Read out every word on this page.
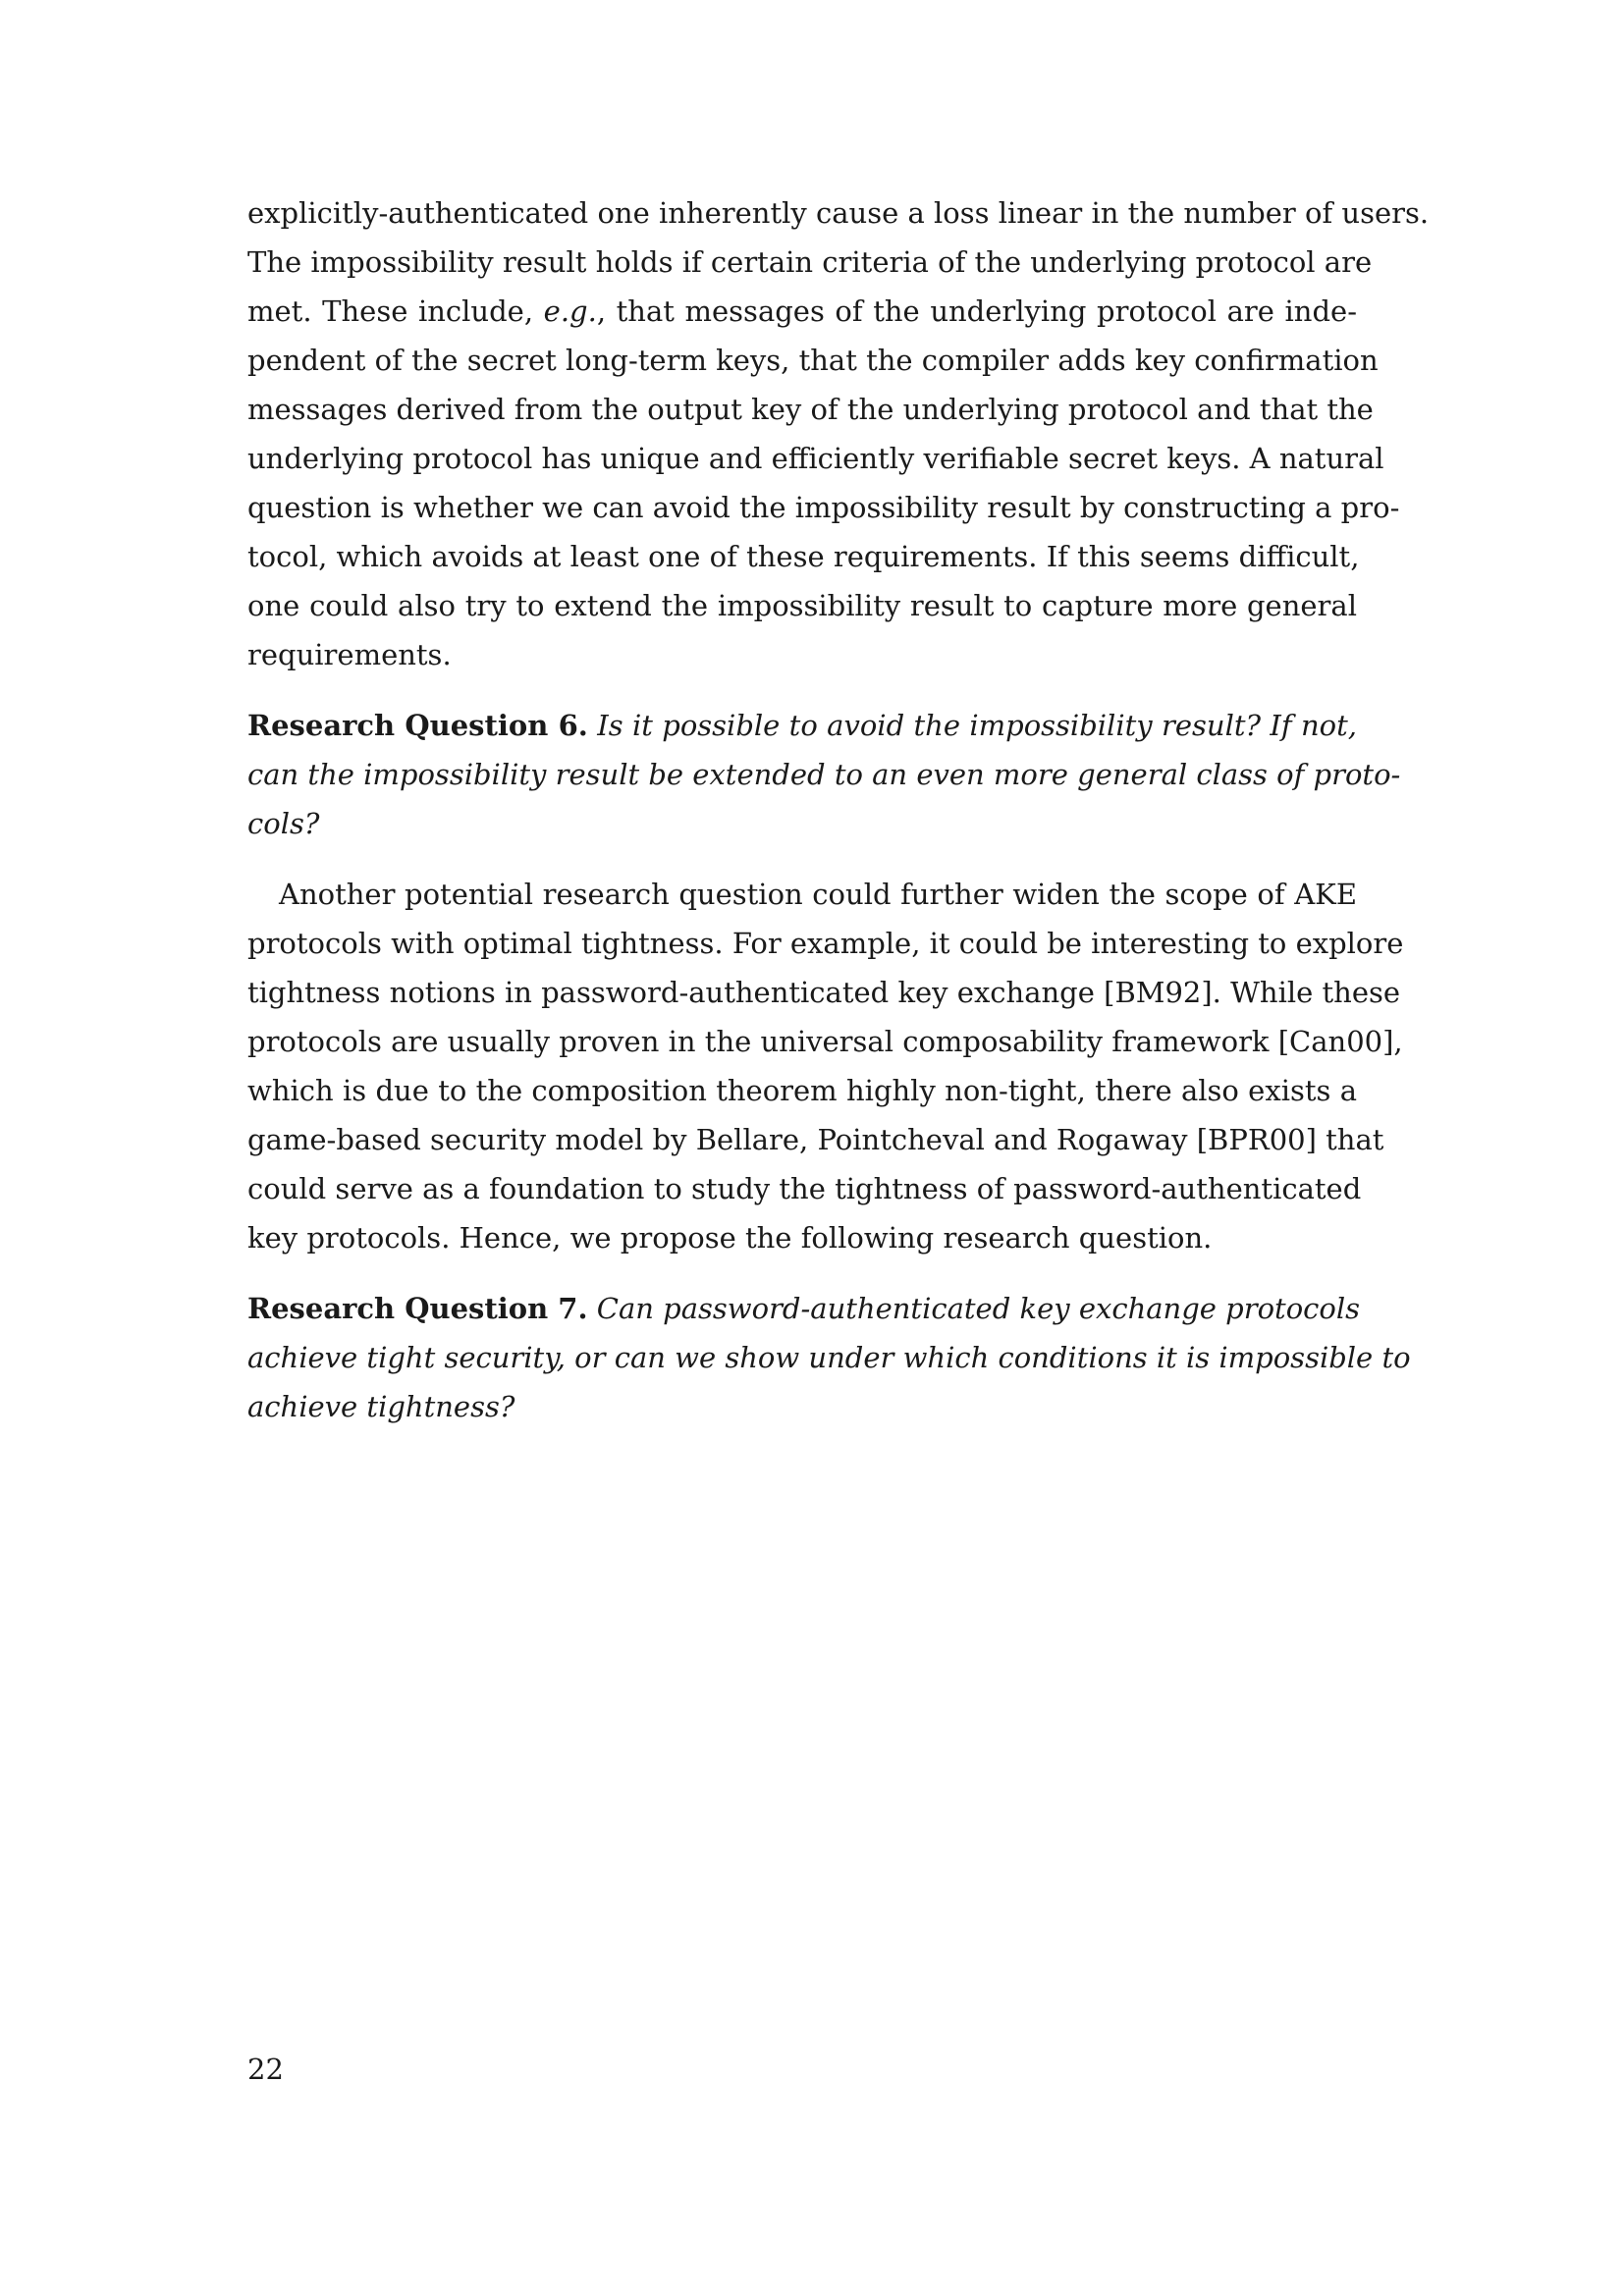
explicitly-authenticated one inherently cause a loss linear in the number of users.
The impossibility result holds if certain criteria of the underlying protocol are
met. These include, e.g., that messages of the underlying protocol are inde-
pendent of the secret long-term keys, that the compiler adds key confirmation
messages derived from the output key of the underlying protocol and that the
underlying protocol has unique and efficiently verifiable secret keys. A natural
question is whether we can avoid the impossibility result by constructing a pro-
tocol, which avoids at least one of these requirements. If this seems difficult,
one could also try to extend the impossibility result to capture more general
requirements.

Research Question 6. Is it possible to avoid the impossibility result? If not,
can the impossibility result be extended to an even more general class of proto-
cols?

Another potential research question could further widen the scope of AKE
protocols with optimal tightness. For example, it could be interesting to explore
tightness notions in password-authenticated key exchange [BM92]. While these
protocols are usually proven in the universal composability framework [Can00],
which is due to the composition theorem highly non-tight, there also exists a
game-based security model by Bellare, Pointcheval and Rogaway [BPR00] that
could serve as a foundation to study the tightness of password-authenticated
key protocols. Hence, we propose the following research question.

Research Question 7. Can password-authenticated key exchange protocols
achieve tight security, or can we show under which conditions it is impossible to
achieve tightness?

22
